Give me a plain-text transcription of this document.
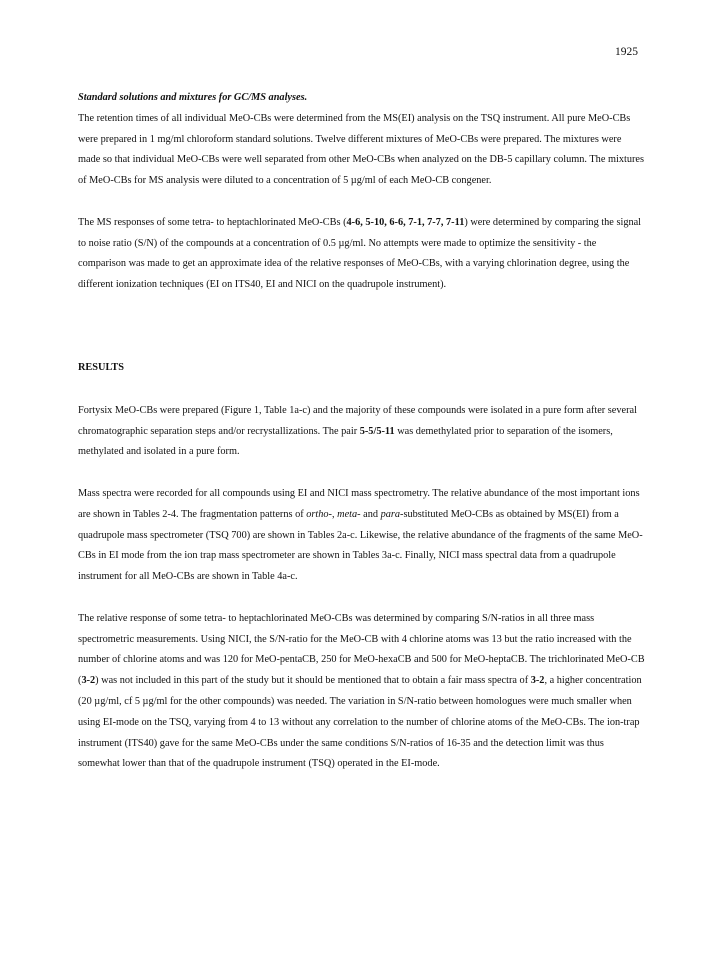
1925

Standard solutions and mixtures for GC/MS analyses.

The retention times of all individual MeO-CBs were determined from the MS(EI) analysis on the TSQ instrument. All pure MeO-CBs were prepared in 1 mg/ml chloroform standard solutions. Twelve different mixtures of MeO-CBs were prepared. The mixtures were made so that individual MeO-CBs were well separated from other MeO-CBs when analyzed on the DB-5 capillary column. The mixtures of MeO-CBs for MS analysis were diluted to a concentration of 5 µg/ml of each MeO-CB congener.

The MS responses of some tetra- to heptachlorinated MeO-CBs (4-6, 5-10, 6-6, 7-1, 7-7, 7-11) were determined by comparing the signal to noise ratio (S/N) of the compounds at a concentration of 0.5 µg/ml. No attempts were made to optimize the sensitivity - the comparison was made to get an approximate idea of the relative responses of MeO-CBs, with a varying chlorination degree, using the different ionization techniques (EI on ITS40, EI and NICI on the quadrupole instrument).

RESULTS

Fortysix MeO-CBs were prepared (Figure 1, Table 1a-c) and the majority of these compounds were isolated in a pure form after several chromatographic separation steps and/or recrystallizations. The pair 5-5/5-11 was demethylated prior to separation of the isomers, methylated and isolated in a pure form.

Mass spectra were recorded for all compounds using EI and NICI mass spectrometry. The relative abundance of the most important ions are shown in Tables 2-4. The fragmentation patterns of ortho-, meta- and para-substituted MeO-CBs as obtained by MS(EI) from a quadrupole mass spectrometer (TSQ 700) are shown in Tables 2a-c. Likewise, the relative abundance of the fragments of the same MeO-CBs in EI mode from the ion trap mass spectrometer are shown in Tables 3a-c. Finally, NICI mass spectral data from a quadrupole instrument for all MeO-CBs are shown in Table 4a-c.

The relative response of some tetra- to heptachlorinated MeO-CBs was determined by comparing S/N-ratios in all three mass spectrometric measurements. Using NICI, the S/N-ratio for the MeO-CB with 4 chlorine atoms was 13 but the ratio increased with the number of chlorine atoms and was 120 for MeO-pentaCB, 250 for MeO-hexaCB and 500 for MeO-heptaCB. The trichlorinated MeO-CB (3-2) was not included in this part of the study but it should be mentioned that to obtain a fair mass spectra of 3-2, a higher concentration (20 µg/ml, cf 5 µg/ml for the other compounds) was needed. The variation in S/N-ratio between homologues were much smaller when using EI-mode on the TSQ, varying from 4 to 13 without any correlation to the number of chlorine atoms of the MeO-CBs. The ion-trap instrument (ITS40) gave for the same MeO-CBs under the same conditions S/N-ratios of 16-35 and the detection limit was thus somewhat lower than that of the quadrupole instrument (TSQ) operated in the EI-mode.
